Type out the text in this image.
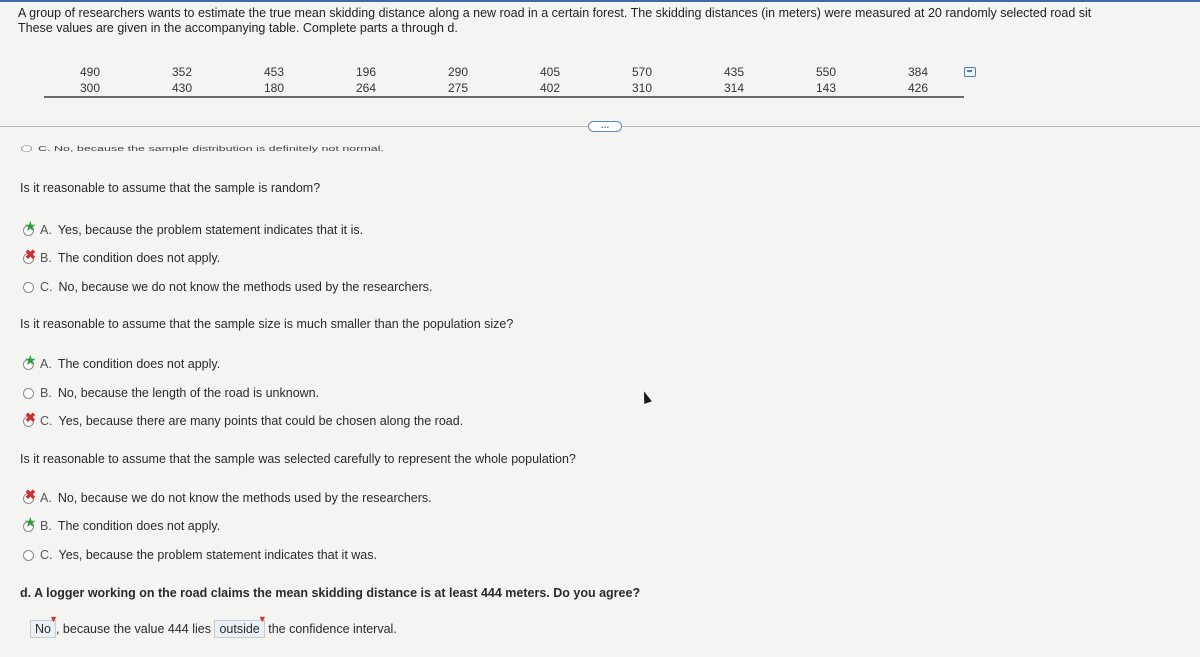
A group of researchers wants to estimate the true mean skidding distance along a new road in a certain forest. The skidding distances (in meters) were measured at 20 randomly selected road sit
These values are given in the accompanying table. Complete parts a through d.
490	352	453	196	290	405	570	435	550	384
300	430	180	264	275	402	310	314	143	426
…
C. No, because the sample distribution is definitely not normal.
Is it reasonable to assume that the sample is random?
★ A. Yes, because the problem statement indicates that it is.
✖ B. The condition does not apply.
C. No, because we do not know the methods used by the researchers.
Is it reasonable to assume that the sample size is much smaller than the population size?
★ A. The condition does not apply.
B. No, because the length of the road is unknown.
✖ C. Yes, because there are many points that could be chosen along the road.
Is it reasonable to assume that the sample was selected carefully to represent the whole population?
✖ A. No, because we do not know the methods used by the researchers.
★ B. The condition does not apply.
C. Yes, because the problem statement indicates that it was.
d. A logger working on the road claims the mean skidding distance is at least 444 meters. Do you agree?
No
▼
, because the value 444 lies outside
▼
the confidence interval.
